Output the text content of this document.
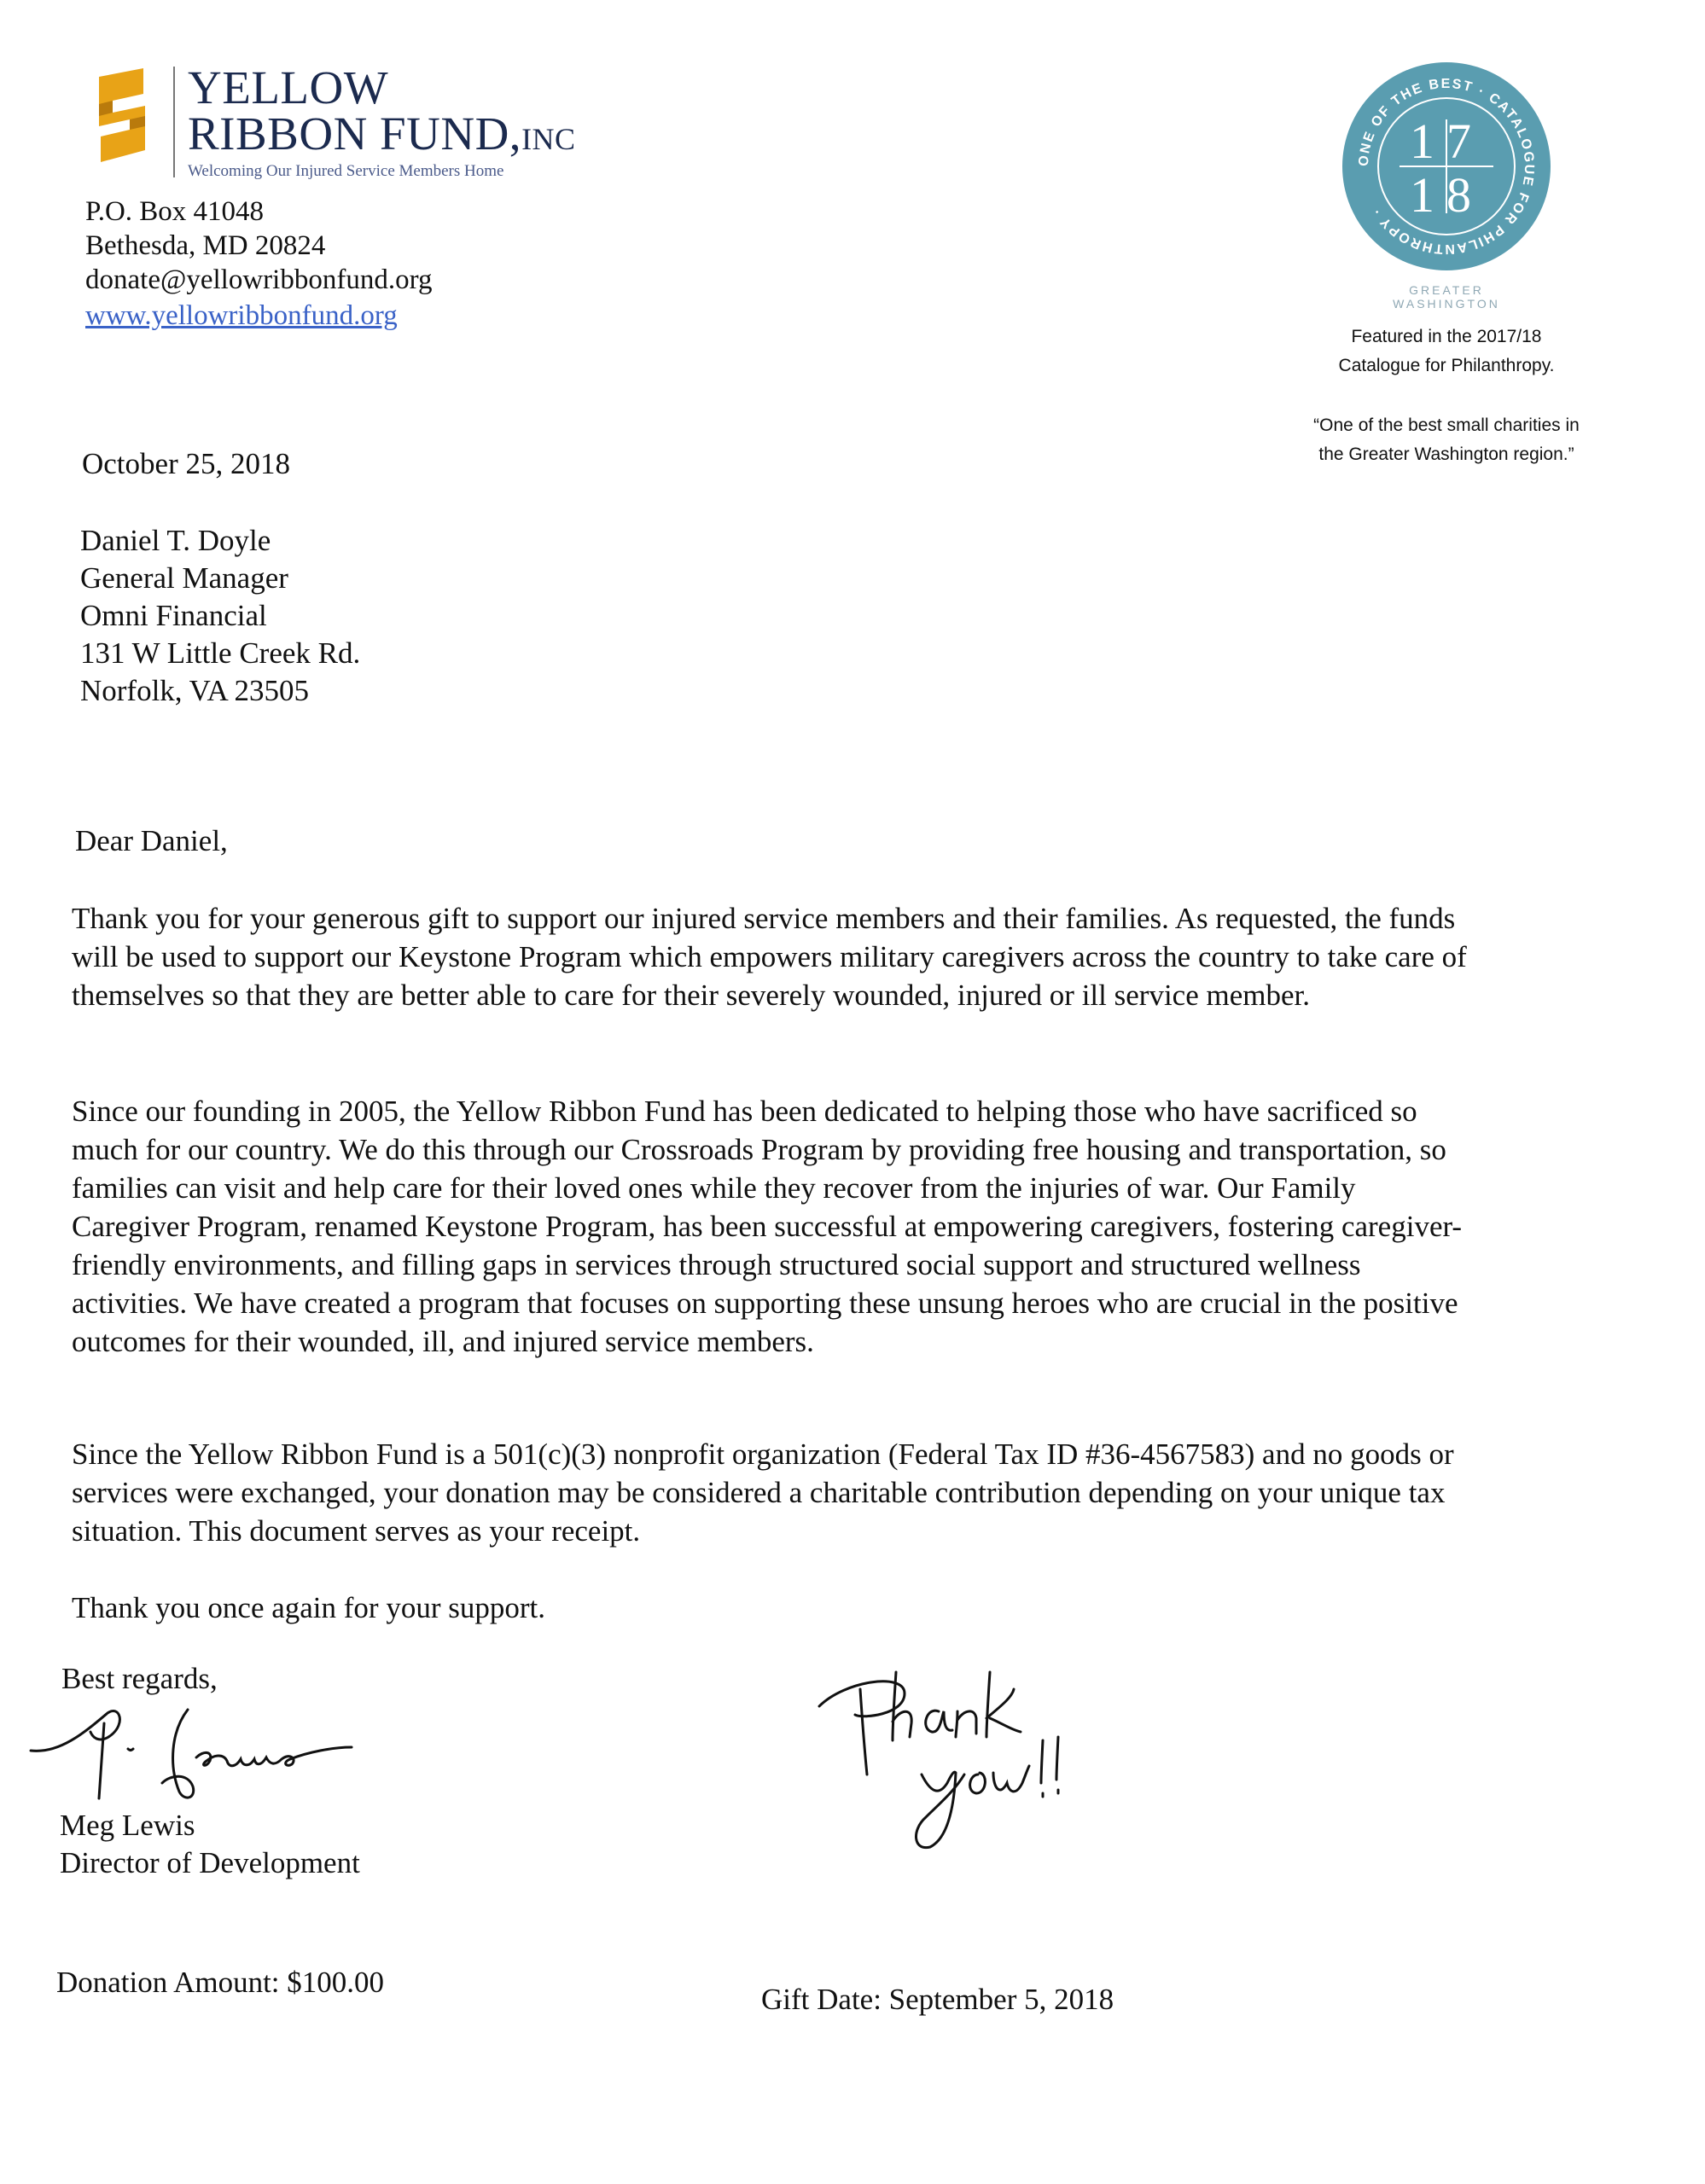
YELLOW
RIBBON FUND,INC
Welcoming Our Injured Service Members Home
P.O. Box 41048
Bethesda, MD 20824
donate@yellowribbonfund.org
www.yellowribbonfund.org
ONE OF THE BEST · CATALOGUE FOR PHILANTHROPY ·
17
18
GREATER WASHINGTON
Featured in the 2017/18
Catalogue for Philanthropy.
“One of the best small charities in
the Greater Washington region.”
October 25, 2018
Daniel T. Doyle
General Manager
Omni Financial
131 W Little Creek Rd.
Norfolk, VA 23505
Dear Daniel,
Thank you for your generous gift to support our injured service members and their families. As requested, the funds will be used to support our Keystone Program which empowers military caregivers across the country to take care of themselves so that they are better able to care for their severely wounded, injured or ill service member.
Since our founding in 2005, the Yellow Ribbon Fund has been dedicated to helping those who have sacrificed so much for our country. We do this through our Crossroads Program by providing free housing and transportation, so families can visit and help care for their loved ones while they recover from the injuries of war. Our Family Caregiver Program, renamed Keystone Program, has been successful at empowering caregivers, fostering caregiver-friendly environments, and filling gaps in services through structured social support and structured wellness activities. We have created a program that focuses on supporting these unsung heroes who are crucial in the positive outcomes for their wounded, ill, and injured service members.
Since the Yellow Ribbon Fund is a 501(c)(3) nonprofit organization (Federal Tax ID #36-4567583) and no goods or services were exchanged, your donation may be considered a charitable contribution depending on your unique tax situation. This document serves as your receipt.
Thank you once again for your support.
Best regards,
M. Lewis
Meg Lewis
Director of Development
Thank You!!
Donation Amount: $100.00
Gift Date: September 5, 2018
